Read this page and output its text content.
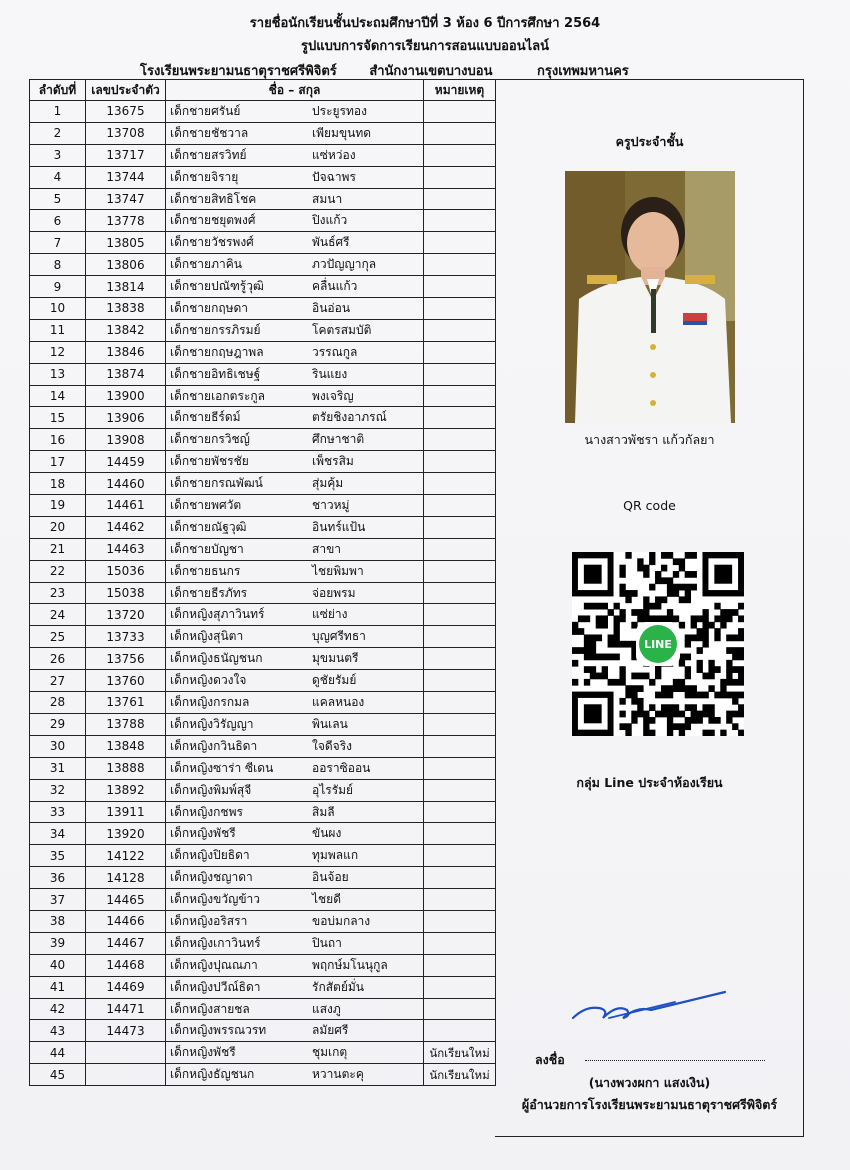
รายชื่อนักเรียนชั้นประถมศึกษาปีที่ 3 ห้อง 6 ปีการศึกษา 2564
รูปแบบการจัดการเรียนการสอนแบบออนไลน์
โรงเรียนพระยามนธาตุราชศรีพิจิตร์	สำนักงานเขตบางบอน	กรุงเทพมหานคร
ลำดับที่	เลขประจำตัว	ชื่อ – สกุล	หมายเหตุ
1	13675	เด็กชายศรันย์ ประยูรทอง	

2	13708	เด็กชายชัชวาล เพียมขุนทด	

3	13717	เด็กชายสรวิทย์ แซ่หว่อง	

4	13744	เด็กชายจิรายุ ปัจฉาพร	

5	13747	เด็กชายสิทธิโชค สมนา	

6	13778	เด็กชายชยุตพงศ์ ปิงแก้ว	

7	13805	เด็กชายวัชรพงศ์ พันธ์ศรี	

8	13806	เด็กชายภาคิน ภวปัญญากุล	

9	13814	เด็กชายปณัฑรู้วุฒิ คลื่นแก้ว	

10	13838	เด็กชายกฤษดา อินอ่อน	

11	13842	เด็กชายกรรภิรมย์ โคตรสมบัติ	

12	13846	เด็กชายกฤษฎาพล วรรณกูล	

13	13874	เด็กชายอิทธิเชษฐ์ รินแยง	

14	13900	เด็กชายเอกตระกูล พงเจริญ	

15	13906	เด็กชายธีร์ดม์ ตรัยชิงอาภรณ์	

16	13908	เด็กชายกรวิชญ์ ศึกษาชาติ	

17	14459	เด็กชายพัชรชัย เพ็ชรสิม	

18	14460	เด็กชายกรณพัฒน์ สุ่มคุ้ม	

19	14461	เด็กชายพศวัต ชาวหมู่	

20	14462	เด็กชายณัฐวุฒิ อินทร์แป้น	

21	14463	เด็กชายบัญชา สาขา	

22	15036	เด็กชายธนกร ไชยพิมพา	

23	15038	เด็กชายธีรภัทร จ่อยพรม	

24	13720	เด็กหญิงสุภาวินทร์ แซ่ย่าง	

25	13733	เด็กหญิงสุนิตา บุญศรีทธา	

26	13756	เด็กหญิงธนัญชนก มุขมนตรี	

27	13760	เด็กหญิงดวงใจ ดูชัยรัมย์	

28	13761	เด็กหญิงกรกมล แคลหนอง	

29	13788	เด็กหญิงวิรัญญา พินเลน	

30	13848	เด็กหญิงกวินธิดา ใจดีจริง	

31	13888	เด็กหญิงซาร่า ซีเดน ออราซิออน	

32	13892	เด็กหญิงพิมพ์สุจี อุไรรัมย์	

33	13911	เด็กหญิงกชพร สิมลี	

34	13920	เด็กหญิงพัชรี ขันผง	

35	14122	เด็กหญิงปิยธิดา ทุมพลแก	

36	14128	เด็กหญิงชญาดา อินจ้อย	

37	14465	เด็กหญิงขวัญข้าว ไชยดี	

38	14466	เด็กหญิงอริสรา ขอบ่มกลาง	

39	14467	เด็กหญิงเกาวินทร์ ปินถา	

40	14468	เด็กหญิงปุณณภา พฤกษ์มโนนุกูล	

41	14469	เด็กหญิงปวีณ์ธิดา รักสัตย์มั่น	

42	14471	เด็กหญิงสายชล แสงภู	

43	14473	เด็กหญิงพรรณวรท ลมัยศรี	

44		เด็กหญิงพัชรี ชุมเกตุ	นักเรียนใหม่
45		เด็กหญิงธัญชนก หวานตะคุ	นักเรียนใหม่
ครูประจำชั้น
นางสาวพัชรา แก้วกัลยา
QR code
LINE
กลุ่ม Line ประจำห้องเรียน
ลงชื่อ
(นางพวงผกา แสงเงิน)
ผู้อำนวยการโรงเรียนพระยามนธาตุราชศรีพิจิตร์
